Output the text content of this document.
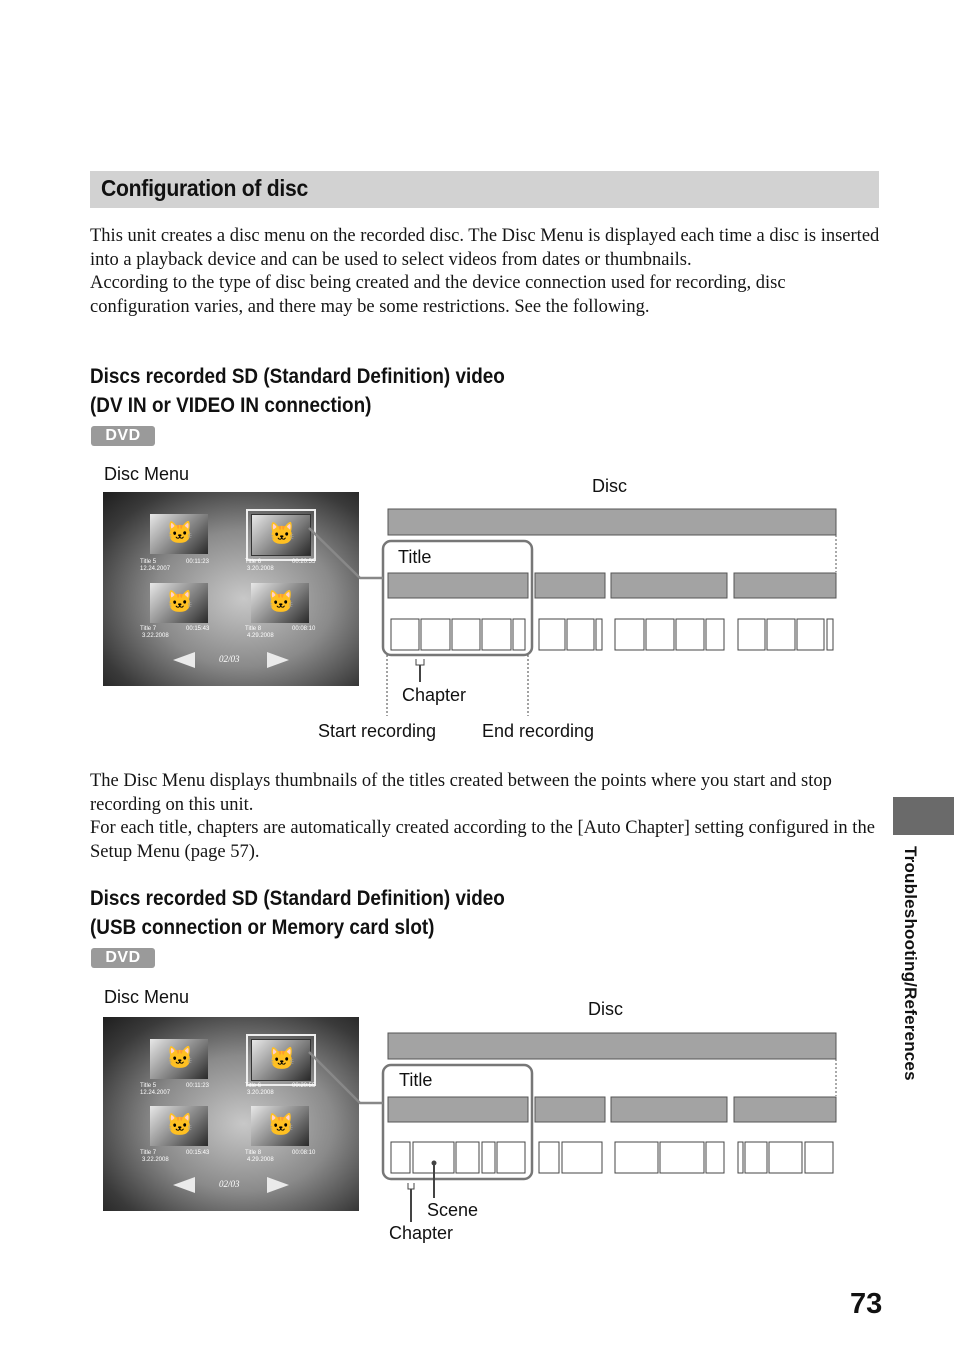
Configuration of disc

This unit creates a disc menu on the recorded disc. The Disc Menu is displayed each time a disc is inserted into a playback device and can be used to select videos from dates or thumbnails.

According to the type of disc being created and the device connection used for recording, disc configuration varies, and there may be some restrictions. See the following.

Discs recorded SD (Standard Definition) video
(DV IN or VIDEO IN connection)
DVD
Disc Menu
Disc
🐱	🐱
🐱	🐱
Title 5	00:11:23
12.24.2007
Title 6	00:20:55
3.20.2008
Title 7	00:15:43
3.22.2008
Title 8	00:08:10
4.29.2008
02/03
Title
Chapter
Start recording	End recording

The Disc Menu displays thumbnails of the titles created between the points where you start and stop recording on this unit.

For each title, chapters are automatically created according to the [Auto Chapter] setting configured in the Setup Menu (page 57).

Discs recorded SD (Standard Definition) video
(USB connection or Memory card slot)
DVD
Disc Menu
Disc
🐱	🐱
🐱	🐱
Title 5	00:11:23
12.24.2007
Title 6	00:20:55
3.20.2008
Title 7	00:15:43
3.22.2008
Title 8	00:08:10
4.29.2008
02/03
Title
Scene
Chapter
Troubleshooting/References
73
